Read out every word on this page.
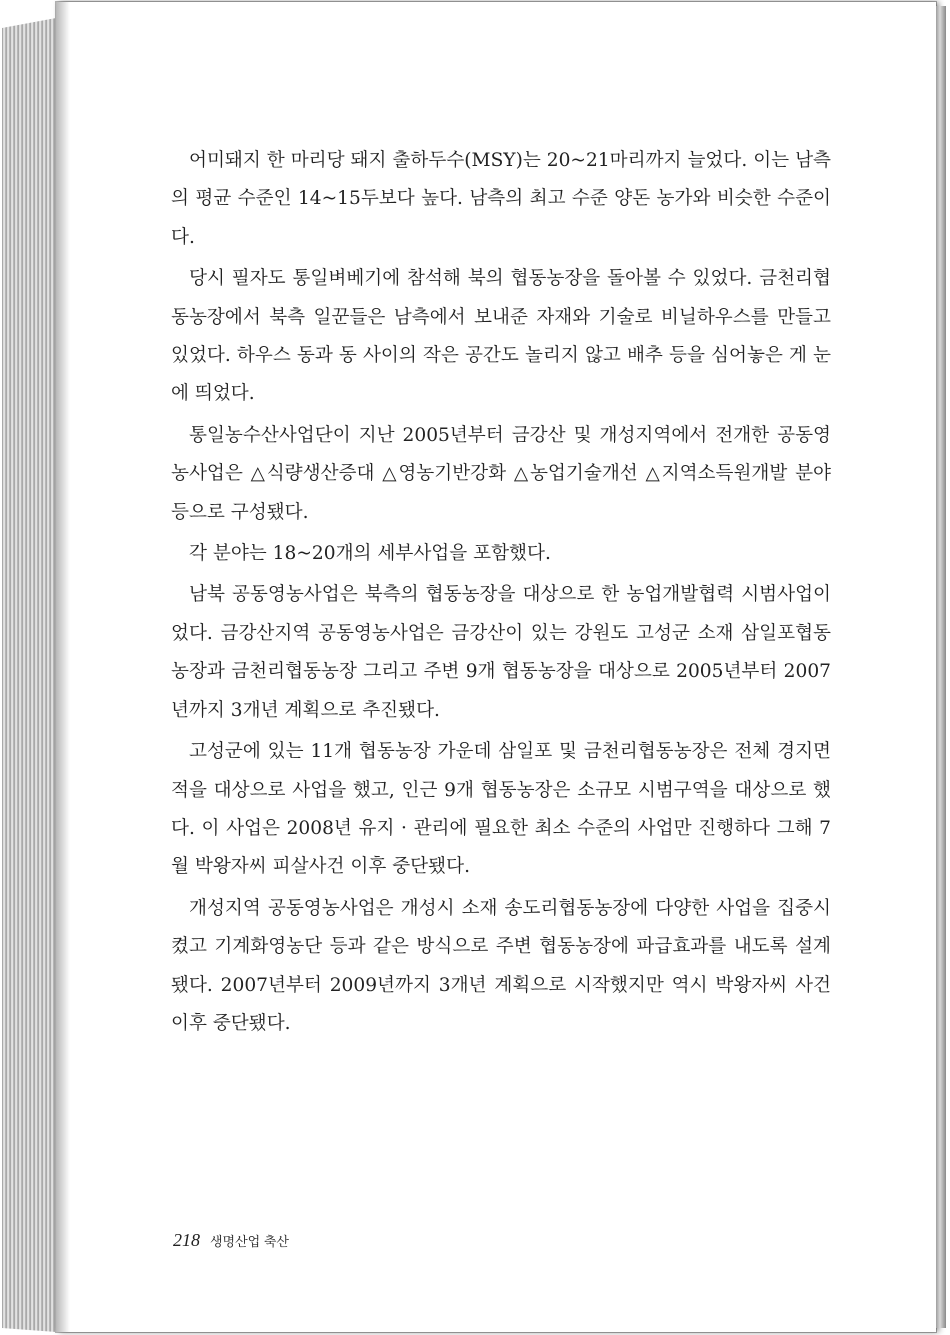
어미돼지 한 마리당 돼지 출하두수(MSY)는 20~21마리까지 늘었다. 이는 남측의 평균 수준인 14~15두보다 높다. 남측의 최고 수준 양돈 농가와 비슷한 수준이다.

당시 필자도 통일벼베기에 참석해 북의 협동농장을 돌아볼 수 있었다. 금천리협동농장에서 북측 일꾼들은 남측에서 보내준 자재와 기술로 비닐하우스를 만들고 있었다. 하우스 동과 동 사이의 작은 공간도 놀리지 않고 배추 등을 심어놓은 게 눈에 띄었다.

통일농수산사업단이 지난 2005년부터 금강산 및 개성지역에서 전개한 공동영농사업은 △식량생산증대 △영농기반강화 △농업기술개선 △지역소득원개발 분야 등으로 구성됐다.

각 분야는 18~20개의 세부사업을 포함했다.

남북 공동영농사업은 북측의 협동농장을 대상으로 한 농업개발협력 시범사업이었다. 금강산지역 공동영농사업은 금강산이 있는 강원도 고성군 소재 삼일포협동농장과 금천리협동농장 그리고 주변 9개 협동농장을 대상으로 2005년부터 2007년까지 3개년 계획으로 추진됐다.

고성군에 있는 11개 협동농장 가운데 삼일포 및 금천리협동농장은 전체 경지면적을 대상으로 사업을 했고, 인근 9개 협동농장은 소규모 시범구역을 대상으로 했다. 이 사업은 2008년 유지 · 관리에 필요한 최소 수준의 사업만 진행하다 그해 7월 박왕자씨 피살사건 이후 중단됐다.

개성지역 공동영농사업은 개성시 소재 송도리협동농장에 다양한 사업을 집중시켰고 기계화영농단 등과 같은 방식으로 주변 협동농장에 파급효과를 내도록 설계됐다. 2007년부터 2009년까지 3개년 계획으로 시작했지만 역시 박왕자씨 사건 이후 중단됐다.

218 생명산업 축산
